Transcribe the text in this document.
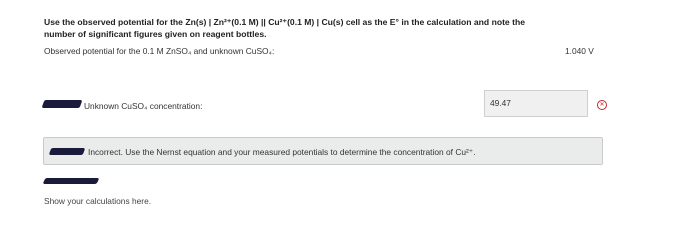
Use the observed potential for the Zn(s) | Zn²⁺(0.1 M) || Cu²⁺(0.1 M) | Cu(s) cell as the E° in the calculation and note the
number of significant figures given on reagent bottles.
Observed potential for the 0.1 M ZnSO₄ and unknown CuSO₄:	1.040 V
Unknown CuSO₄ concentration:	49.47	✕
Incorrect. Use the Nernst equation and your measured potentials to determine the concentration of Cu²⁺.
Show your calculations here.
